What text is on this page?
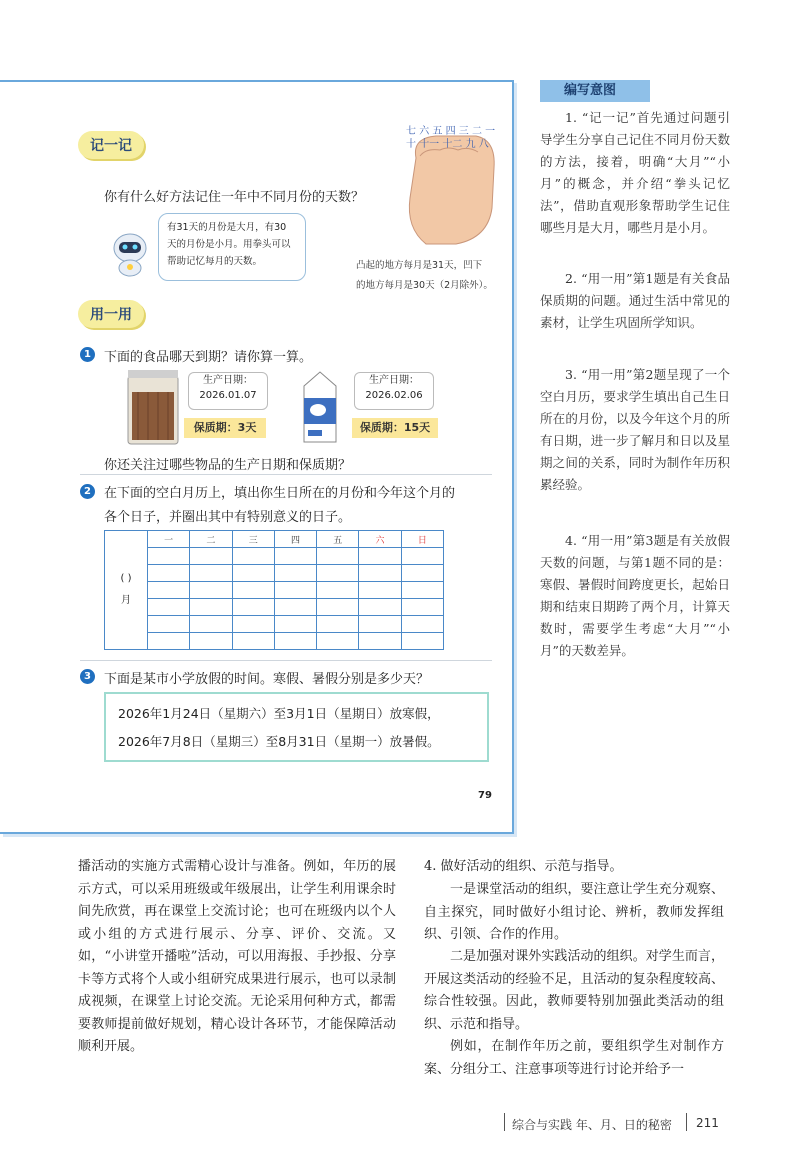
记一记
你有什么好方法记住一年中不同月份的天数？
有31天的月份是大月，有30
天的月份是小月。用拳头可以
帮助记忆每月的天数。
七 六 五 四 三 二 一
十 十一 十二 九 八
凸起的地方每月是31天，凹下
的地方每月是30天（2月除外）。
用一用
1	下面的食品哪天到期？请你算一算。
生产日期：
2026.01.07
保质期：3天
生产日期：
2026.02.06
保质期：15天
你还关注过哪些物品的生产日期和保质期？
2	在下面的空白月历上，填出你生日所在的月份和今年这个月的
各个日子，并圈出其中有特别意义的日子。
( )
月	一	二	三	四	五	六	日

3	下面是某市小学放假的时间。寒假、暑假分别是多少天？
2026年1月24日（星期六）至3月1日（星期日）放寒假，
2026年7月8日（星期三）至8月31日（星期一）放暑假。
79
编写意图
1. “记一记”首先通过问题引导学生分享自己记住不同月份天数的方法，接着，明确“大月”“小月”的概念，并介绍“拳头记忆法”，借助直观形象帮助学生记住哪些月是大月，哪些月是小月。
2. “用一用”第1题是有关食品保质期的问题。通过生活中常见的素材，让学生巩固所学知识。
3. “用一用”第2题呈现了一个空白月历，要求学生填出自己生日所在的月份，以及今年这个月的所有日期，进一步了解月和日以及星期之间的关系，同时为制作年历积累经验。
4. “用一用”第3题是有关放假天数的问题，与第1题不同的是：寒假、暑假时间跨度更长，起始日期和结束日期跨了两个月，计算天数时，需要学生考虑“大月”“小月”的天数差异。
播活动的实施方式需精心设计与准备。例如，年历的展示方式，可以采用班级或年级展出，让学生利用课余时间先欣赏，再在课堂上交流讨论；也可在班级内以个人或小组的方式进行展示、分享、评价、交流。又如，“小讲堂开播啦”活动，可以用海报、手抄报、分享卡等方式将个人或小组研究成果进行展示，也可以录制成视频，在课堂上讨论交流。无论采用何种方式，都需要教师提前做好规划，精心设计各环节，才能保障活动顺利开展。
4. 做好活动的组织、示范与指导。
一是课堂活动的组织，要注意让学生充分观察、自主探究，同时做好小组讨论、辨析，教师发挥组织、引领、合作的作用。
二是加强对课外实践活动的组织。对学生而言，开展这类活动的经验不足，且活动的复杂程度较高、综合性较强。因此，教师要特别加强此类活动的组织、示范和指导。
例如，在制作年历之前，要组织学生对制作方案、分组分工、注意事项等进行讨论并给予一
综合与实践 年、月、日的秘密 211
